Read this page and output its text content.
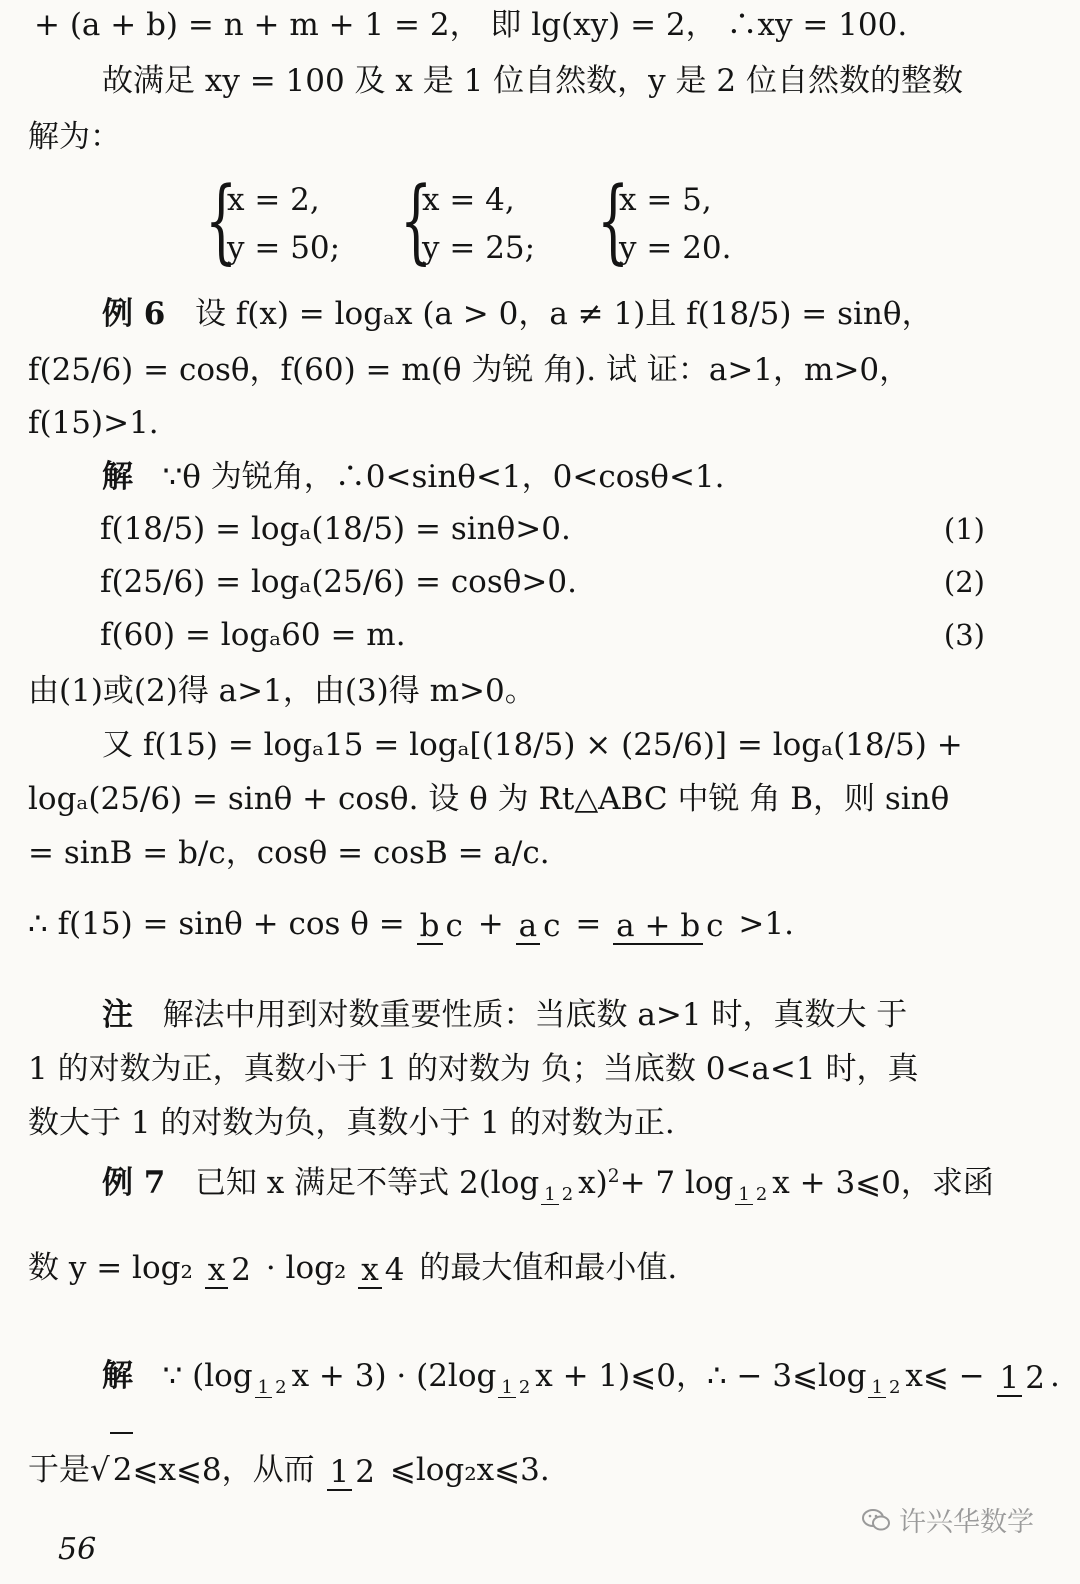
+ (a + b) = n + m + 1 = 2， 即 lg(xy) = 2， ∴xy = 100.
故满足 xy = 100 及 x 是 1 位自然数，y 是 2 位自然数的整数
解为：
{
x = 2,
y = 50; {
x = 4,
y = 25; {
x = 5,
y = 20.
例 6 设 f(x) = logₐx (a > 0，a ≠ 1)且 f(18/5) = sinθ，
f(25/6) = cosθ，f(60) = m(θ 为锐 角). 试 证：a>1，m>0，
f(15)>1.
解 ∵θ 为锐角，∴0<sinθ<1，0<cosθ<1.
f(18/5) = logₐ(18/5) = sinθ>0.	(1)
f(25/6) = logₐ(25/6) = cosθ>0.	(2)
f(60) = logₐ60 = m.	(3)
由(1)或(2)得 a>1，由(3)得 m>0。
又 f(15) = logₐ15 = logₐ[(18/5) × (25/6)] = logₐ(18/5) +
logₐ(25/6) = sinθ + cosθ. 设 θ 为 Rt△ABC 中锐 角 B，则 sinθ
= sinB = b/c，cosθ = cosB = a/c.
∴ f(15) = sinθ + cos θ = b c + a c = a + b c >1.
注 解法中用到对数重要性质：当底数 a>1 时，真数大 于
1 的对数为正，真数小于 1 的对数为 负；当底数 0<a<1 时，真
数大于 1 的对数为负，真数小于 1 的对数为正.
例 7 已知 x 满足不等式 2(log $_{1 2}$ x)$^2$+ 7 log $_{1 2}$ x + 3⩽0，求函
数 y = log₂ x 2 · log₂ x 4 的最大值和最小值.
解 ∵ (log $_{1 2}$ x + 3) · (2log $_{1 2}$ x + 1)⩽0，∴ − 3⩽log $_{1 2}$ x⩽ − 1 2 .
于是√2⩽x⩽8，从而 1 2 ⩽log₂x⩽3.
56
许兴华数学
